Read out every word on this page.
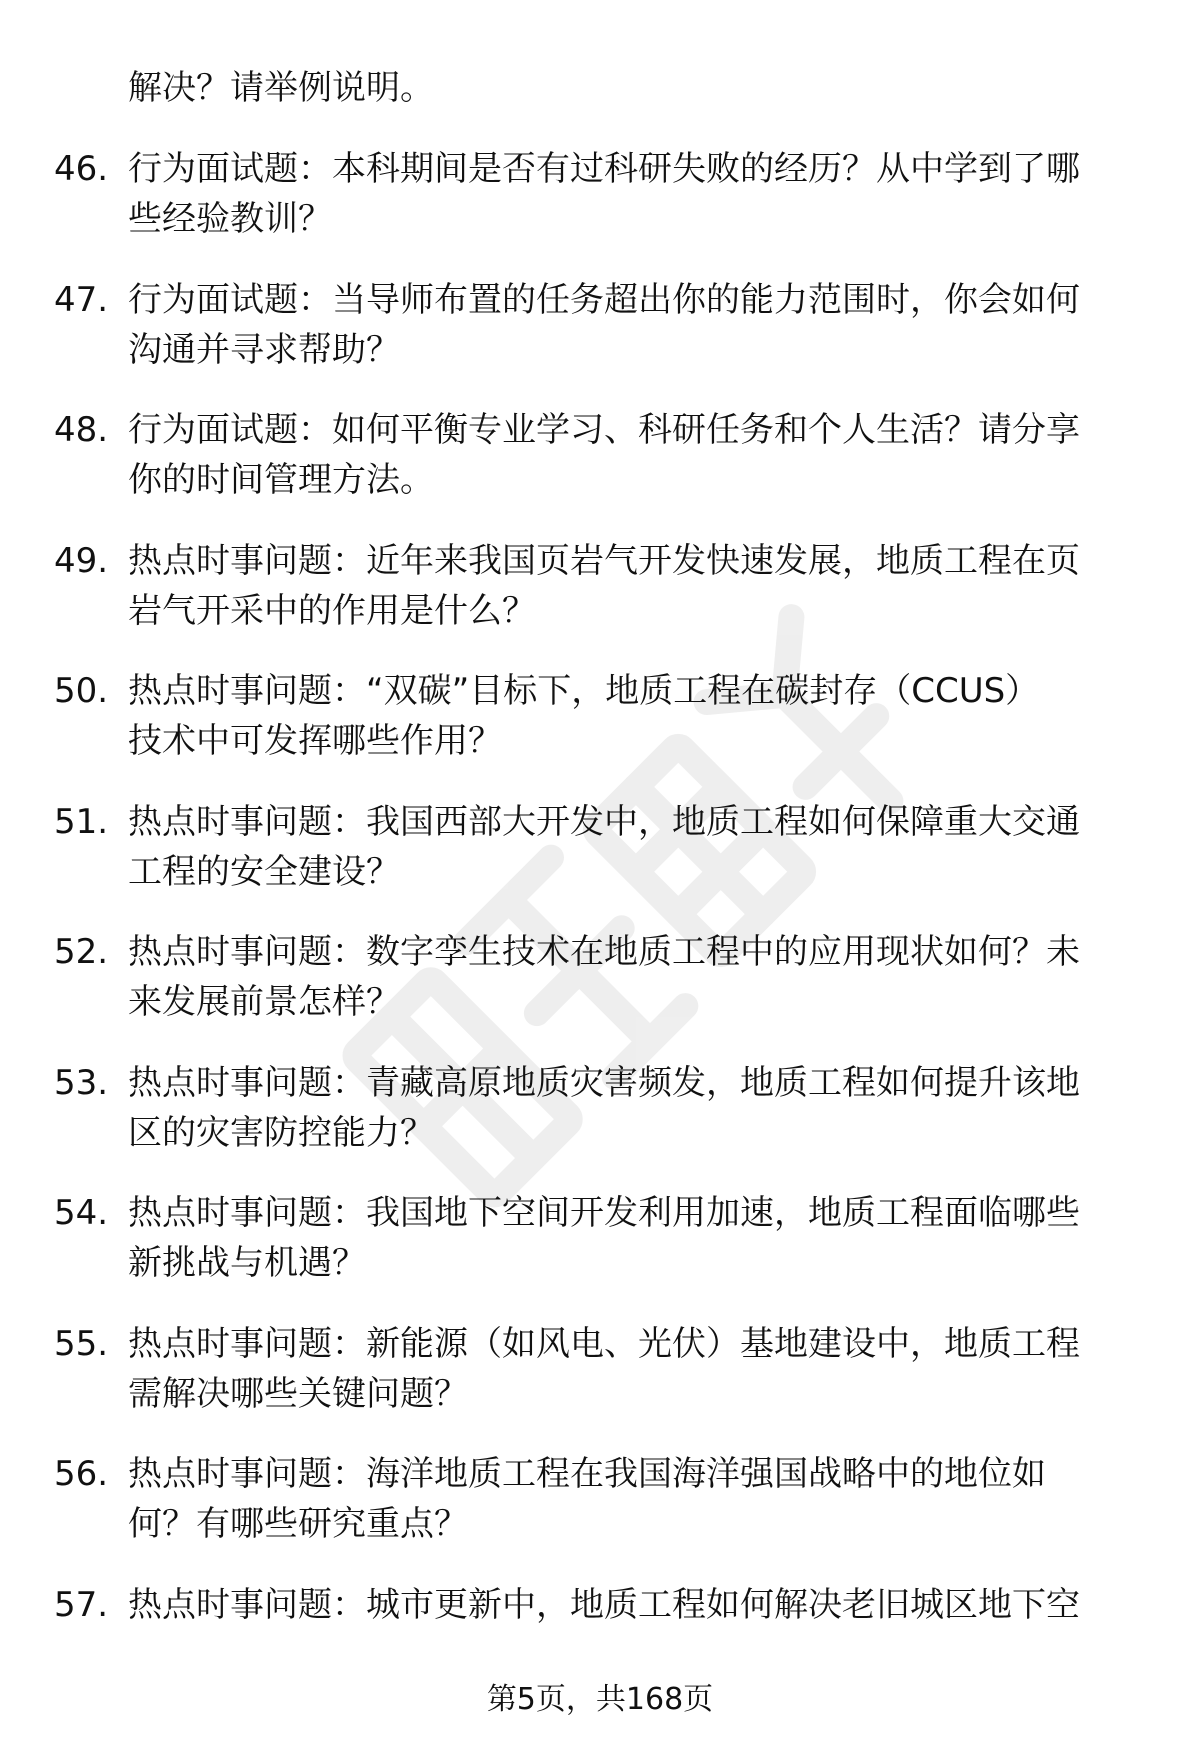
解决？请举例说明。
46. 行为面试题：本科期间是否有过科研失败的经历？从中学到了哪
些经验教训？
47. 行为面试题：当导师布置的任务超出你的能力范围时，你会如何
沟通并寻求帮助？
48. 行为面试题：如何平衡专业学习、科研任务和个人生活？请分享
你的时间管理方法。
49. 热点时事问题：近年来我国页岩气开发快速发展，地质工程在页
岩气开采中的作用是什么？
50. 热点时事问题：“双碳”目标下，地质工程在碳封存（CCUS）
技术中可发挥哪些作用？
51. 热点时事问题：我国西部大开发中，地质工程如何保障重大交通
工程的安全建设？
52. 热点时事问题：数字孪生技术在地质工程中的应用现状如何？未
来发展前景怎样？
53. 热点时事问题：青藏高原地质灾害频发，地质工程如何提升该地
区的灾害防控能力？
54. 热点时事问题：我国地下空间开发利用加速，地质工程面临哪些
新挑战与机遇？
55. 热点时事问题：新能源（如风电、光伏）基地建设中，地质工程
需解决哪些关键问题？
56. 热点时事问题：海洋地质工程在我国海洋强国战略中的地位如
何？有哪些研究重点？
57. 热点时事问题：城市更新中，地质工程如何解决老旧城区地下空
第5页，共168页
